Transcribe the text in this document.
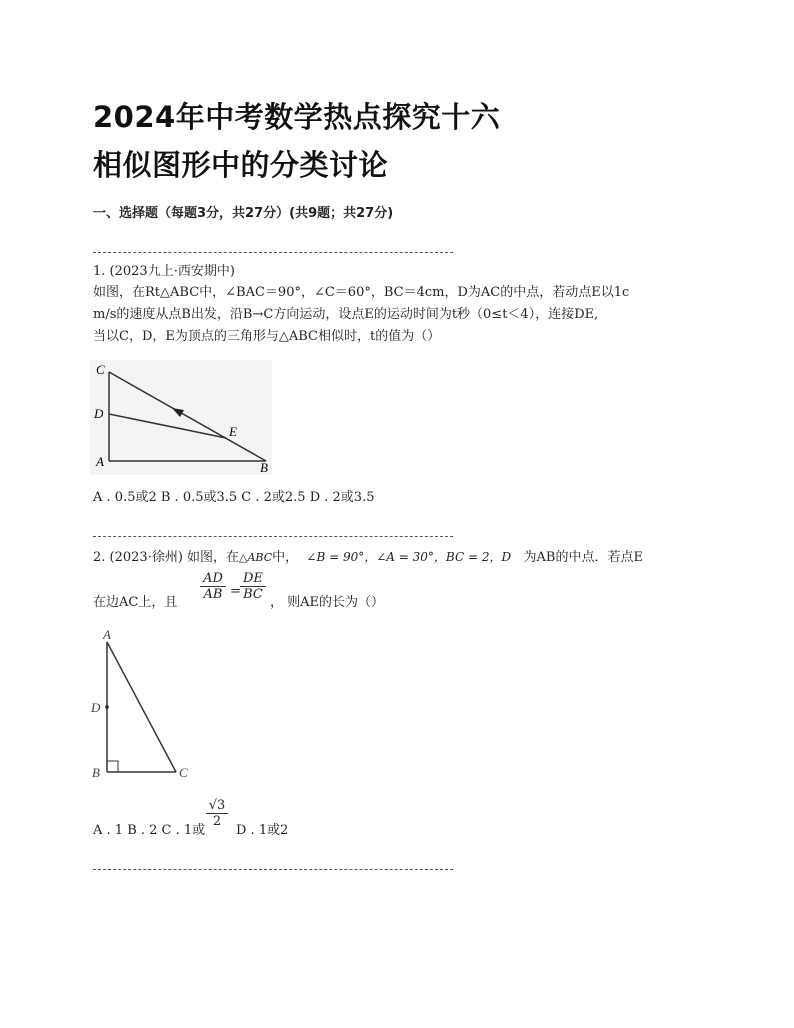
2024年中考数学热点探究十六
相似图形中的分类讨论
一、选择题（每题3分，共27分）(共9题；共27分)
1. (2023九上·西安期中)
如图，在Rt△ABC中，∠BAC＝90°，∠C＝60°，BC＝4cm，D为AC的中点，若动点E以1c
m/s的速度从点B出发，沿B→C方向运动，设点E的运动时间为t秒（0≤t＜4），连接DE,
当以C，D，E为顶点的三角形与△ABC相似时，t的值为（）
C
D
A	B
E
A . 0.5或2 B . 0.5或3.5 C . 2或2.5 D . 2或3.5
2. (2023·徐州) 如图，在△ABC中， ∠B = 90°，∠A = 30°，BC = 2，D 为AB的中点．若点E
在边AC上，且
AD
AB =
DE
BC
， 则AE的长为（）
A
D
B	C
A . 1 B . 2 C . 1或
√3
2
D . 1或2
